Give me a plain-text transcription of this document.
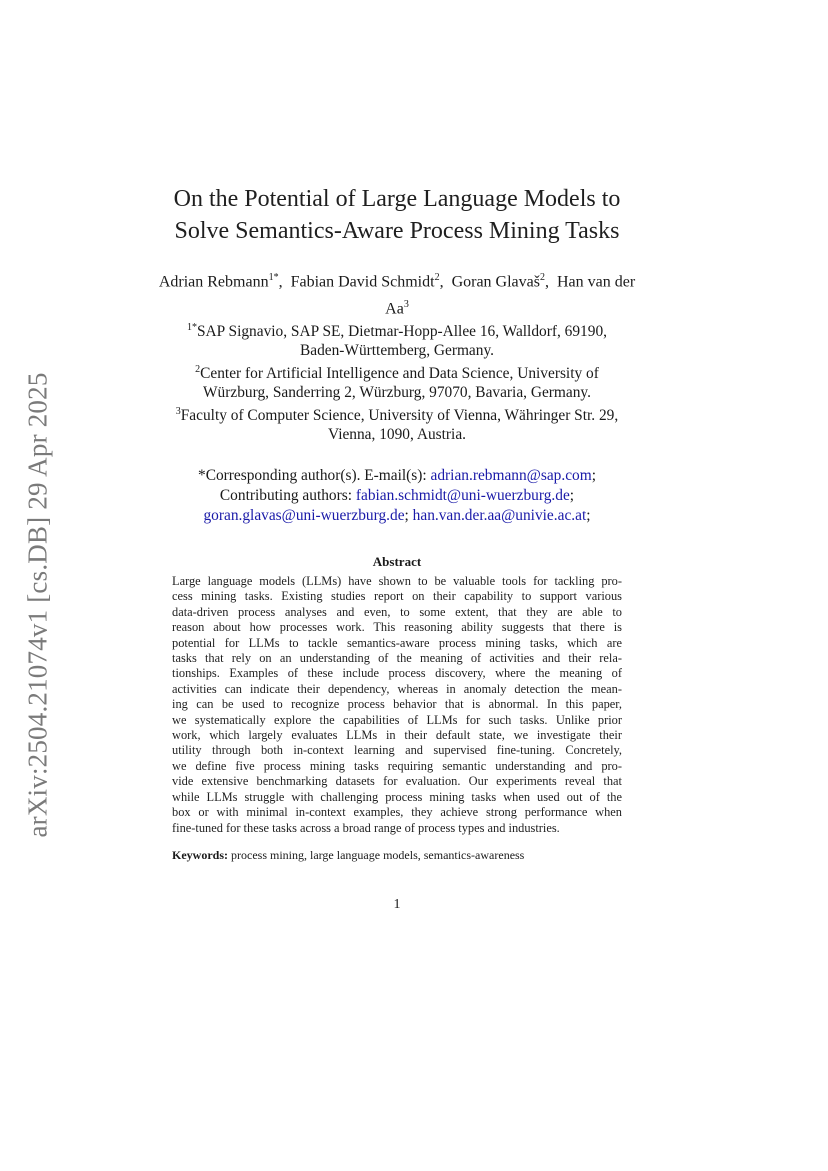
arXiv:2504.21074v1 [cs.DB] 29 Apr 2025
On the Potential of Large Language Models to
Solve Semantics-Aware Process Mining Tasks
Adrian Rebmann$^{1*}$,  Fabian David Schmidt$^2$,  Goran Glavaš$^2$,  Han van der Aa$^3$
$^{1*}$SAP Signavio, SAP SE, Dietmar-Hopp-Allee 16, Walldorf, 69190,
Baden-Württemberg, Germany.
$^2$Center for Artificial Intelligence and Data Science, University of
Würzburg, Sanderring 2, Würzburg, 97070, Bavaria, Germany.
$^3$Faculty of Computer Science, University of Vienna, Währinger Str. 29,
Vienna, 1090, Austria.
*Corresponding author(s). E-mail(s): adrian.rebmann@sap.com;
Contributing authors: fabian.schmidt@uni-wuerzburg.de;
goran.glavas@uni-wuerzburg.de; han.van.der.aa@univie.ac.at;
Abstract
Large language models (LLMs) have shown to be valuable tools for tackling pro-
cess mining tasks. Existing studies report on their capability to support various
data-driven process analyses and even, to some extent, that they are able to
reason about how processes work. This reasoning ability suggests that there is
potential for LLMs to tackle semantics-aware process mining tasks, which are
tasks that rely on an understanding of the meaning of activities and their rela-
tionships. Examples of these include process discovery, where the meaning of
activities can indicate their dependency, whereas in anomaly detection the mean-
ing can be used to recognize process behavior that is abnormal. In this paper,
we systematically explore the capabilities of LLMs for such tasks. Unlike prior
work, which largely evaluates LLMs in their default state, we investigate their
utility through both in-context learning and supervised fine-tuning. Concretely,
we define five process mining tasks requiring semantic understanding and pro-
vide extensive benchmarking datasets for evaluation. Our experiments reveal that
while LLMs struggle with challenging process mining tasks when used out of the
box or with minimal in-context examples, they achieve strong performance when
fine-tuned for these tasks across a broad range of process types and industries.
Keywords: process mining, large language models, semantics-awareness
1
